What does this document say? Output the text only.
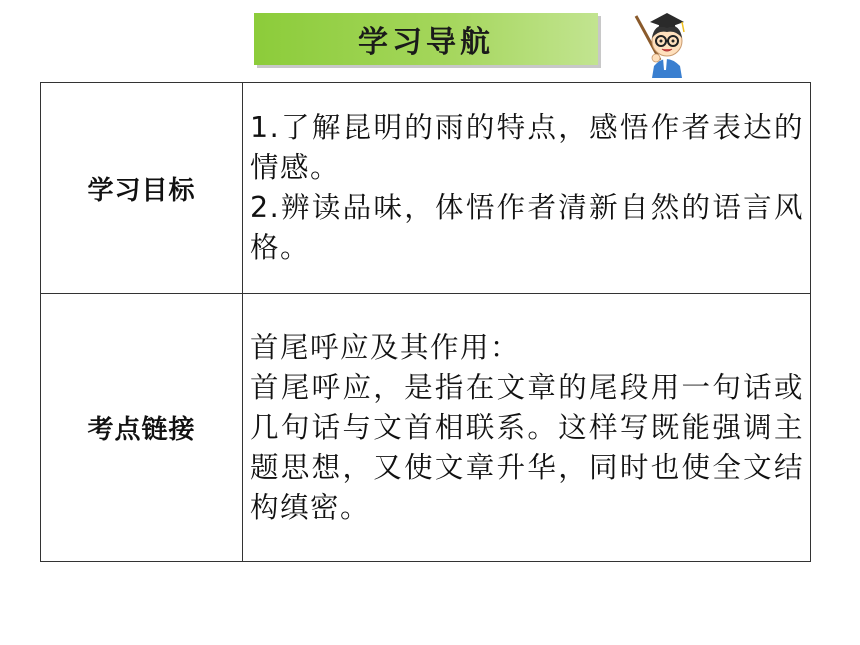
学习导航
学习目标	1.了解昆明的雨的特点，感悟作者表达的情感。
2.辨读品味，体悟作者清新自然的语言风格。

考点链接	首尾呼应及其作用：
首尾呼应，是指在文章的尾段用一句话或几句话与文首相联系。这样写既能强调主题思想，又使文章升华，同时也使全文结构缜密。
